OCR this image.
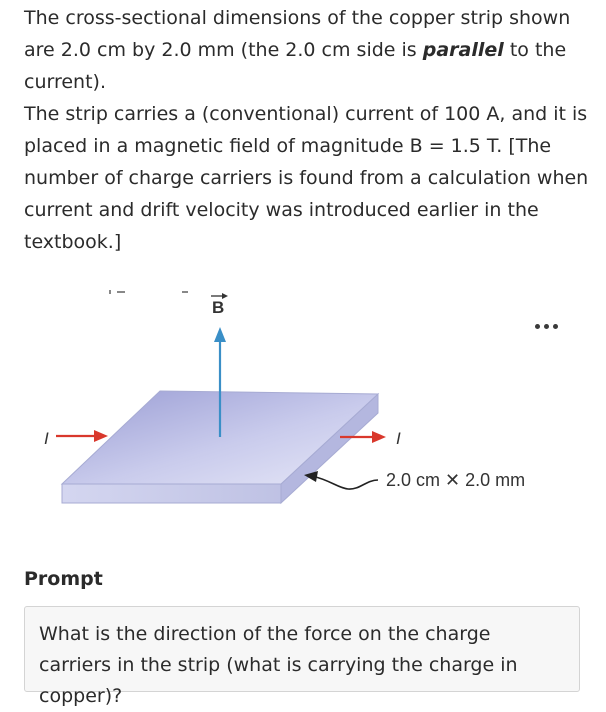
The cross-sectional dimensions of the copper strip shown are 2.0 cm by 2.0 mm (the 2.0 cm side is parallel to the current).

The strip carries a (conventional) current of 100 A, and it is placed in a magnetic field of magnitude B = 1.5 T. [The number of charge carriers is found from a calculation when current and drift velocity was introduced earlier in the textbook.]

B
I	I
2.0 cm ✕ 2.0 mm
Prompt
What is the direction of the force on the charge carriers in the strip (what is carrying the charge in copper)?
